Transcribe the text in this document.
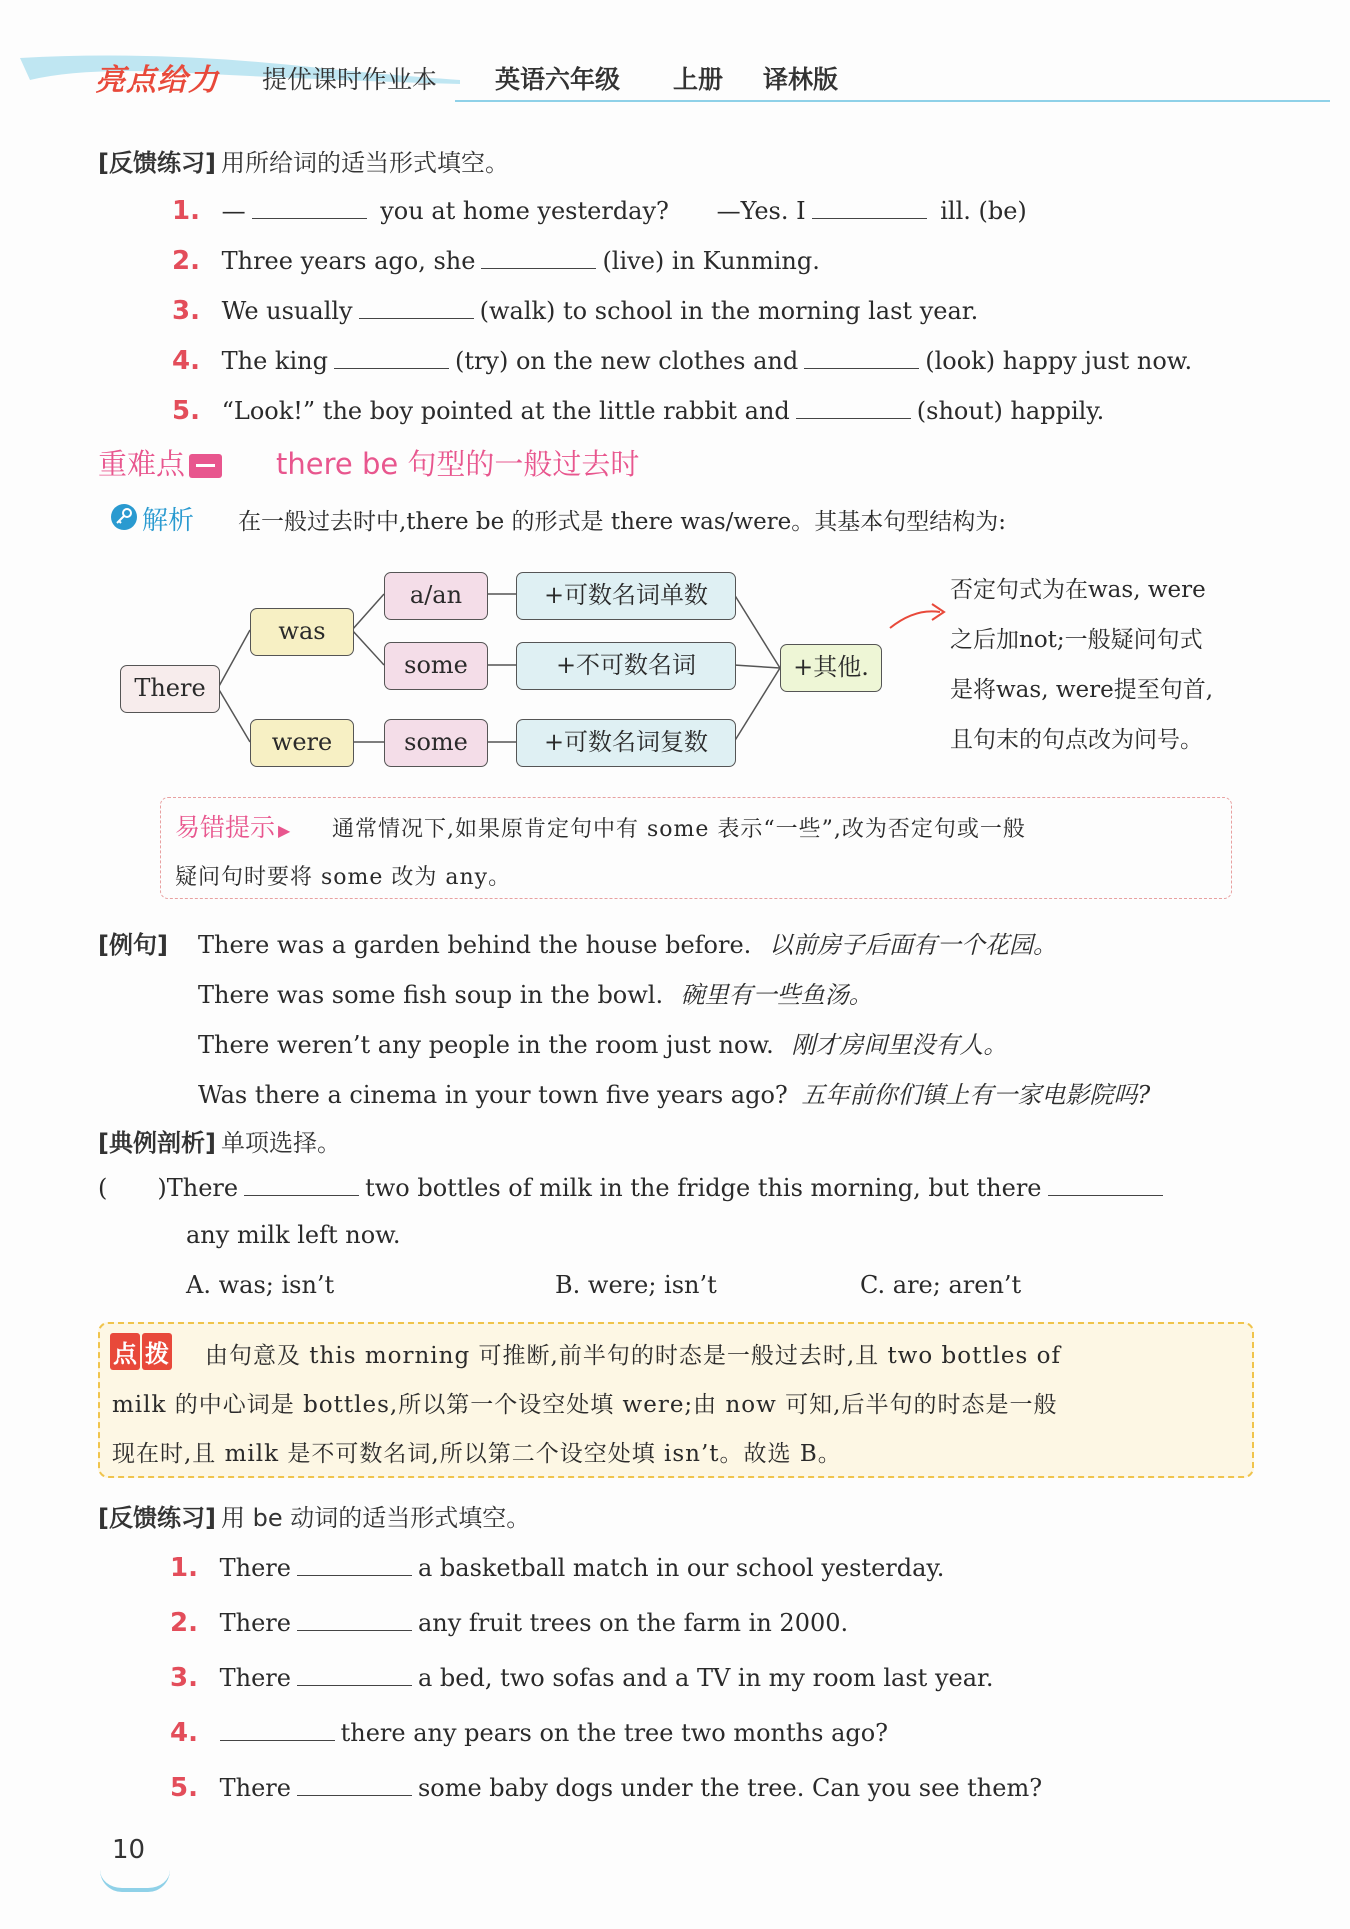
亮点给力 提优课时作业本 英语六年级 上册 译林版
[反馈练习] 用所给词的适当形式填空。
1. —	you at home yesterday? —Yes. I	ill. (be)
2. Three years ago, she	(live) in Kunming.
3. We usually	(walk) to school in the morning last year.
4. The king	(try) on the new clothes and	(look) happy just now.
5. “Look!” the boy pointed at the little rabbit and	(shout) happily.
重难点	there be 句型的一般过去时
解析 在一般过去时中,there be 的形式是 there was/were。其基本句型结构为:
There
was
were
a/an
some
some
+可数名词单数
+不可数名词
+可数名词复数
+其他.
否定句式为在was, were
之后加not;一般疑问句式
是将was, were提至句首,
且句末的句点改为问号。
易错提示 ▶ 通常情况下,如果原肯定句中有 some 表示“一些”,改为否定句或一般
疑问句时要将 some 改为 any。
[例句] There was a garden behind the house before. 以前房子后面有一个花园。
There was some fish soup in the bowl. 碗里有一些鱼汤。
There weren’t any people in the room just now. 刚才房间里没有人。
Was there a cinema in your town five years ago? 五年前你们镇上有一家电影院吗?
[典例剖析] 单项选择。
( )There	two bottles of milk in the fridge this morning, but there
any milk left now.
A. was; isn’t	B. were; isn’t	C. are; aren’t
点 拨 由句意及 this morning 可推断,前半句的时态是一般过去时,且 two bottles of
milk 的中心词是 bottles,所以第一个设空处填 were;由 now 可知,后半句的时态是一般
现在时,且 milk 是不可数名词,所以第二个设空处填 isn’t。故选 B。
[反馈练习] 用 be 动词的适当形式填空。
1. There	a basketball match in our school yesterday.
2. There	any fruit trees on the farm in 2000.
3. There	a bed, two sofas and a TV in my room last year.
4.	there any pears on the tree two months ago?
5. There	some baby dogs under the tree. Can you see them?
10
